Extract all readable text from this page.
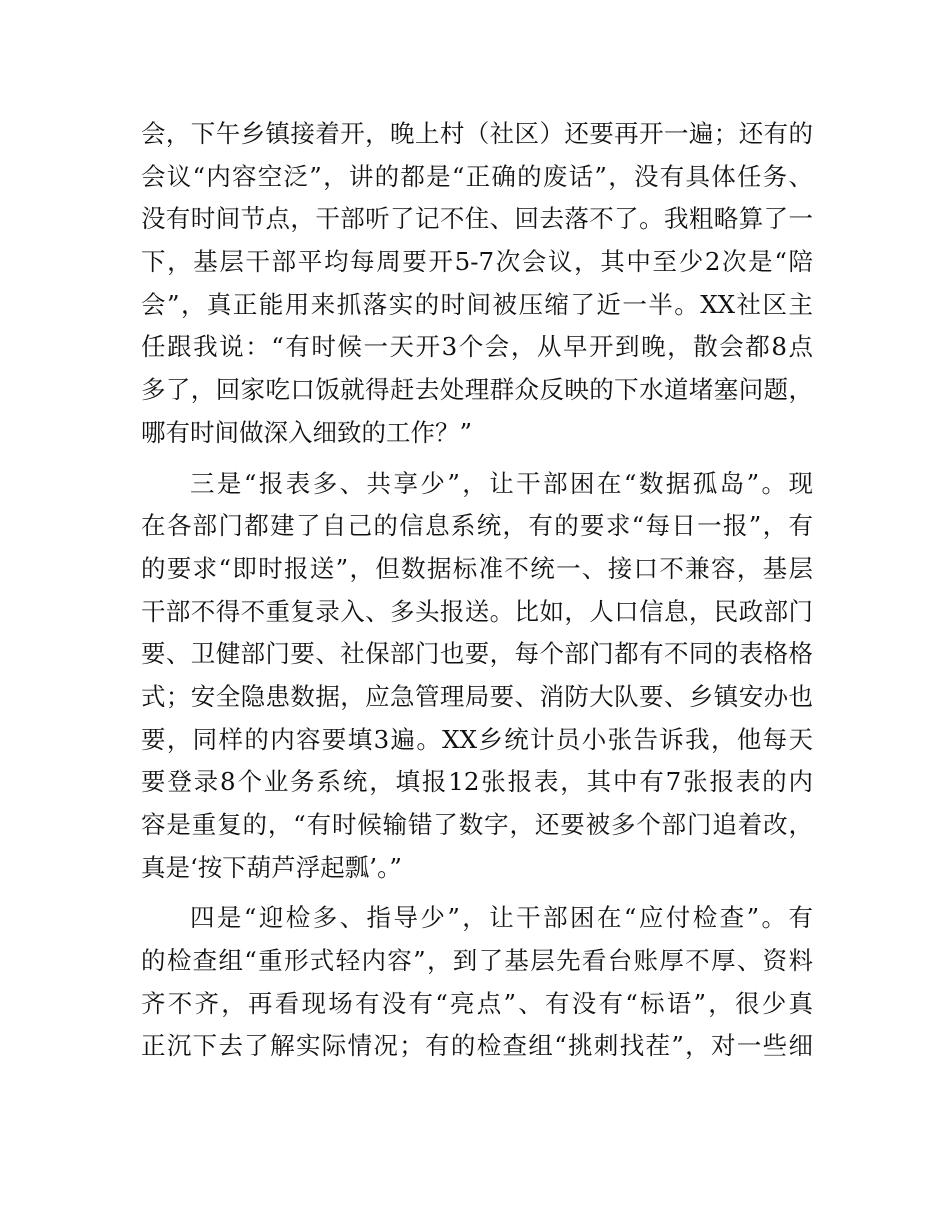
会，下午乡镇接着开，晚上村（社区）还要再开一遍；还有的
会议“内容空泛”，讲的都是“正确的废话”，没有具体任务、
没有时间节点，干部听了记不住、回去落不了。我粗略算了一
下，基层干部平均每周要开5-7次会议，其中至少2次是“陪
会”，真正能用来抓落实的时间被压缩了近一半。XX社区主
任跟我说：“有时候一天开3个会，从早开到晚，散会都8点
多了，回家吃口饭就得赶去处理群众反映的下水道堵塞问题，
哪有时间做深入细致的工作？”
三是“报表多、共享少”，让干部困在“数据孤岛”。现
在各部门都建了自己的信息系统，有的要求“每日一报”，有
的要求“即时报送”，但数据标准不统一、接口不兼容，基层
干部不得不重复录入、多头报送。比如，人口信息，民政部门
要、卫健部门要、社保部门也要，每个部门都有不同的表格格
式；安全隐患数据，应急管理局要、消防大队要、乡镇安办也
要，同样的内容要填3遍。XX乡统计员小张告诉我，他每天
要登录8个业务系统，填报12张报表，其中有7张报表的内
容是重复的，“有时候输错了数字，还要被多个部门追着改，
真是‘按下葫芦浮起瓢’。”
四是“迎检多、指导少”，让干部困在“应付检查”。有
的检查组“重形式轻内容”，到了基层先看台账厚不厚、资料
齐不齐，再看现场有没有“亮点”、有没有“标语”，很少真
正沉下去了解实际情况；有的检查组“挑刺找茬”，对一些细
